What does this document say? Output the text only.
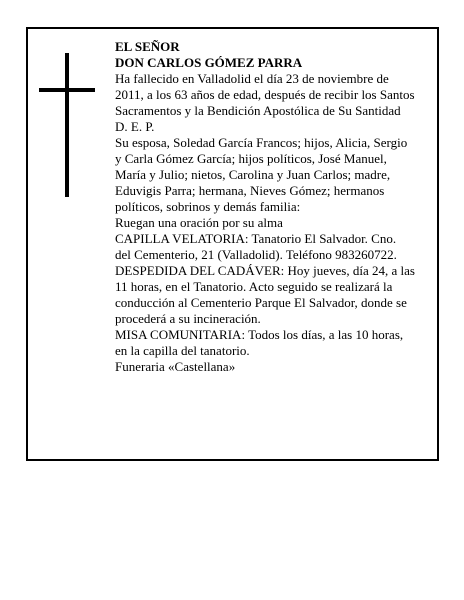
EL SEÑOR

DON CARLOS GÓMEZ PARRA

Ha fallecido en Valladolid el día 23 de noviembre de 2011, a los 63 años de edad, después de recibir los Santos Sacramentos y la Bendición Apostólica de Su Santidad

D. E. P.

Su esposa, Soledad García Francos; hijos, Alicia, Sergio y Carla Gómez García; hijos políticos, José Manuel, María y Julio; nietos, Carolina y Juan Carlos; madre, Eduvigis Parra; hermana, Nieves Gómez; hermanos políticos, sobrinos y demás familia:

Ruegan una oración por su alma

CAPILLA VELATORIA: Tanatorio El Salvador. Cno. del Cementerio, 21 (Valladolid). Teléfono 983260722.

DESPEDIDA DEL CADÁVER: Hoy jueves, día 24, a las 11 horas, en el Tanatorio. Acto seguido se realizará la conducción al Cementerio Parque El Salvador, donde se procederá a su incineración.

MISA COMUNITARIA: Todos los días, a las 10 horas, en la capilla del tanatorio.

Funeraria «Castellana»
